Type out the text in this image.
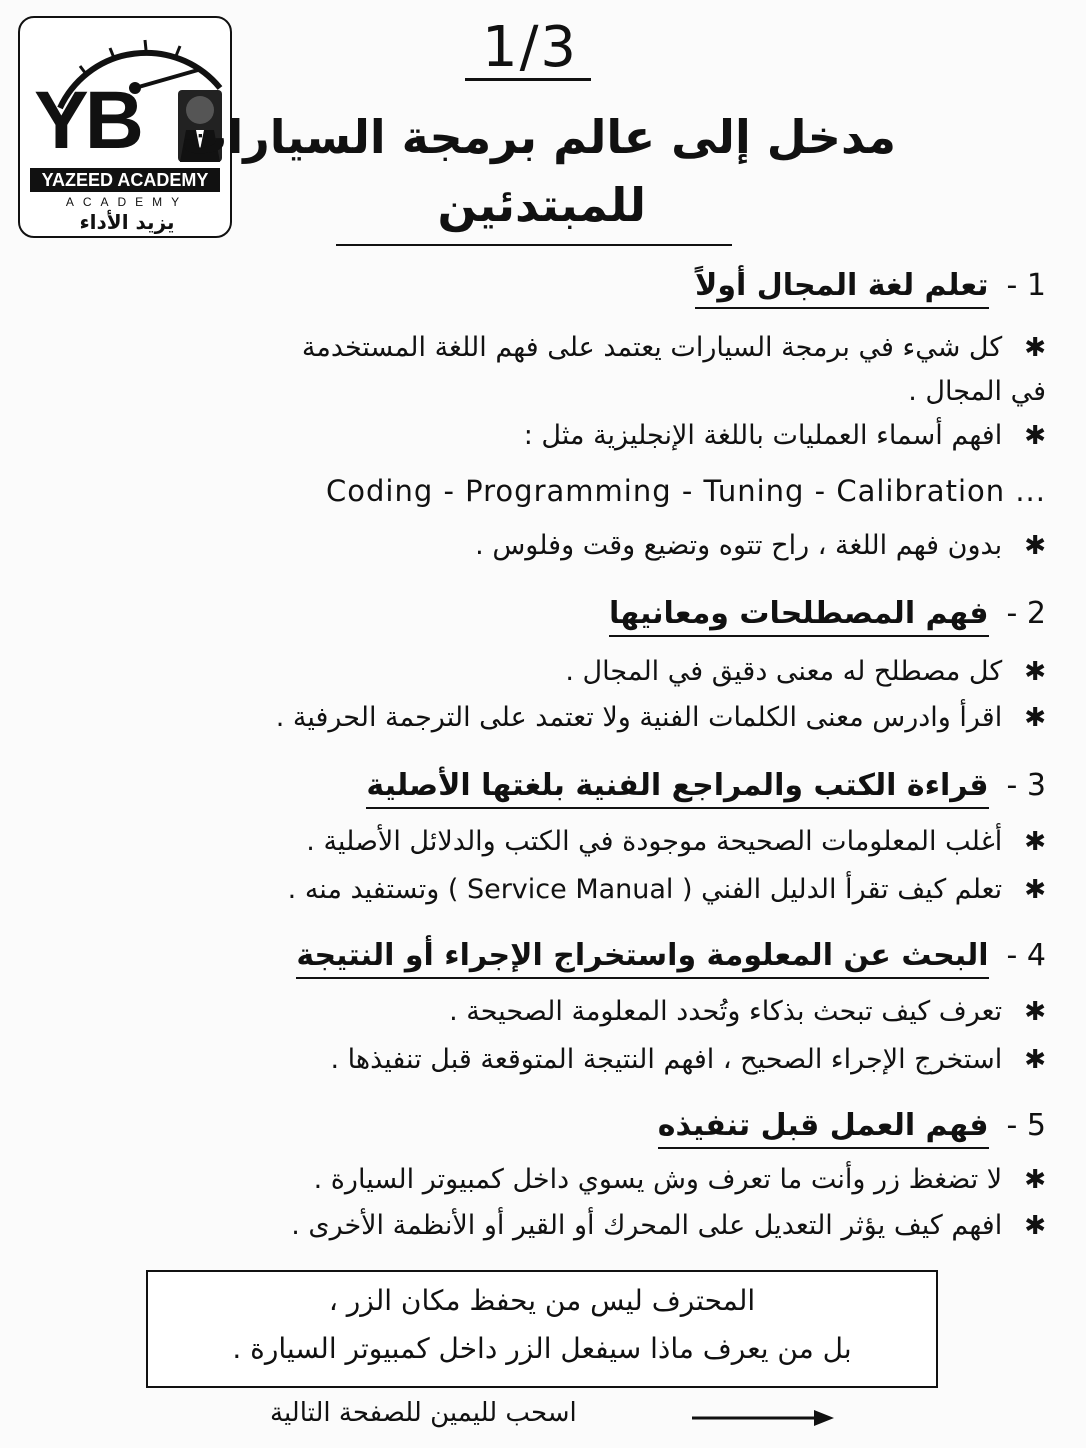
1/3
YB
YAZEED ACADEMY
ACADEMY
يزيد الأداء
مدخل إلى عالم برمجة السيارات
للمبتدئين
1 -تعلم لغة المجال أولاً
✱كل شيء في برمجة السيارات يعتمد على فهم اللغة المستخدمة في المجال .
✱افهم أسماء العمليات باللغة الإنجليزية مثل :
Coding - Programming - Tuning - Calibration ...
✱بدون فهم اللغة ، راح تتوه وتضيع وقت وفلوس .
2 -فهم المصطلحات ومعانيها
✱كل مصطلح له معنى دقيق في المجال .
✱اقرأ وادرس معنى الكلمات الفنية ولا تعتمد على الترجمة الحرفية .
3 -قراءة الكتب والمراجع الفنية بلغتها الأصلية
✱أغلب المعلومات الصحيحة موجودة في الكتب والدلائل الأصلية .
✱تعلم كيف تقرأ الدليل الفني ( Service Manual ) وتستفيد منه .
4 -البحث عن المعلومة واستخراج الإجراء أو النتيجة
✱تعرف كيف تبحث بذكاء وتُحدد المعلومة الصحيحة .
✱استخرج الإجراء الصحيح ، افهم النتيجة المتوقعة قبل تنفيذها .
5 -فهم العمل قبل تنفيذه
✱لا تضغظ زر وأنت ما تعرف وش يسوي داخل كمبيوتر السيارة .
✱افهم كيف يؤثر التعديل على المحرك أو القير أو الأنظمة الأخرى .
المحترف ليس من يحفظ مكان الزر ،
بل من يعرف ماذا سيفعل الزر داخل كمبيوتر السيارة .
اسحب لليمين للصفحة التالية
